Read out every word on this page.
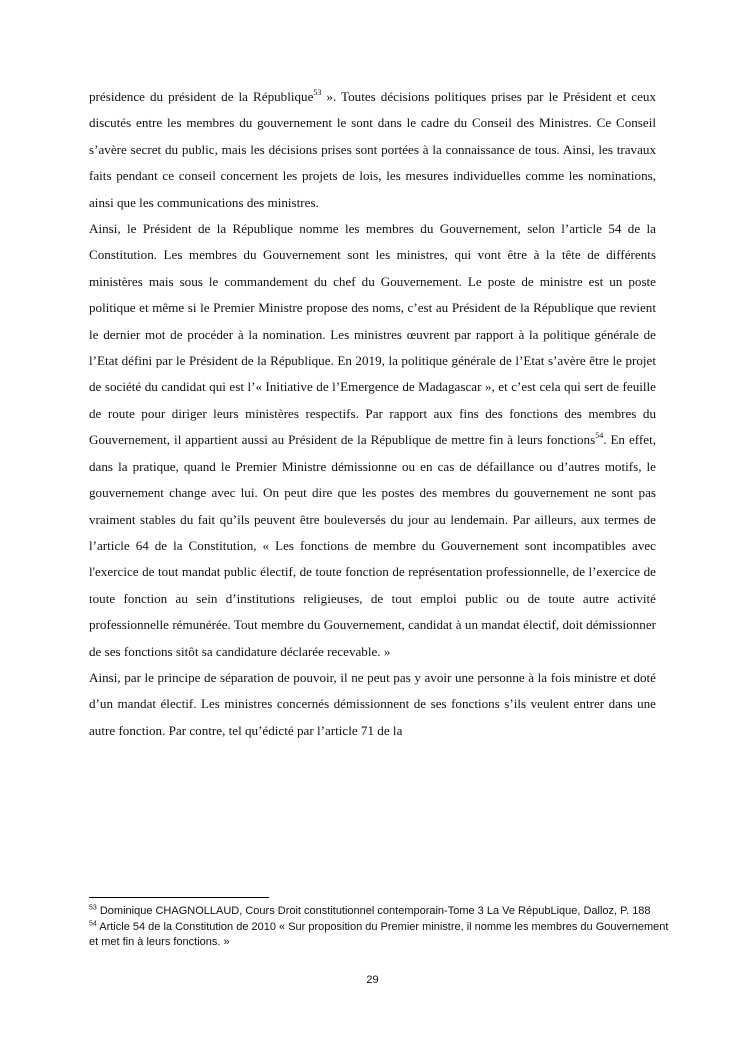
présidence du président de la République$^{53}$ ». Toutes décisions politiques prises par le Président et ceux discutés entre les membres du gouvernement le sont dans le cadre du Conseil des Ministres. Ce Conseil s’avère secret du public, mais les décisions prises sont portées à la connaissance de tous. Ainsi, les travaux faits pendant ce conseil concernent les projets de lois, les mesures individuelles comme les nominations, ainsi que les communications des ministres.

Ainsi, le Président de la République nomme les membres du Gouvernement, selon l’article 54 de la Constitution. Les membres du Gouvernement sont les ministres, qui vont être à la tête de différents ministères mais sous le commandement du chef du Gouvernement. Le poste de ministre est un poste politique et même si le Premier Ministre propose des noms, c’est au Président de la République que revient le dernier mot de procéder à la nomination. Les ministres œuvrent par rapport à la politique générale de l’Etat défini par le Président de la République. En 2019, la politique générale de l’Etat s’avère être le projet de société du candidat qui est l’« Initiative de l’Emergence de Madagascar », et c’est cela qui sert de feuille de route pour diriger leurs ministères respectifs. Par rapport aux fins des fonctions des membres du Gouvernement, il appartient aussi au Président de la République de mettre fin à leurs fonctions$^{54}$. En effet, dans la pratique, quand le Premier Ministre démissionne ou en cas de défaillance ou d’autres motifs, le gouvernement change avec lui. On peut dire que les postes des membres du gouvernement ne sont pas vraiment stables du fait qu’ils peuvent être bouleversés du jour au lendemain. Par ailleurs, aux termes de l’article 64 de la Constitution, « Les fonctions de membre du Gouvernement sont incompatibles avec l'exercice de tout mandat public électif, de toute fonction de représentation professionnelle, de l’exercice de toute fonction au sein d’institutions religieuses, de tout emploi public ou de toute autre activité professionnelle rémunérée. Tout membre du Gouvernement, candidat à un mandat électif, doit démissionner de ses fonctions sitôt sa candidature déclarée recevable. »

Ainsi, par le principe de séparation de pouvoir, il ne peut pas y avoir une personne à la fois ministre et doté d’un mandat électif. Les ministres concernés démissionnent de ses fonctions s’ils veulent entrer dans une autre fonction. Par contre, tel qu’édicté par l’article 71 de la

$^{53}$ Dominique CHAGNOLLAUD, Cours Droit constitutionnel contemporain-Tome 3 La Ve RépubLique, Dalloz, P. 188

$^{54}$ Article 54 de la Constitution de 2010 « Sur proposition du Premier ministre, il nomme les membres du Gouvernement et met fin à leurs fonctions. »

29
